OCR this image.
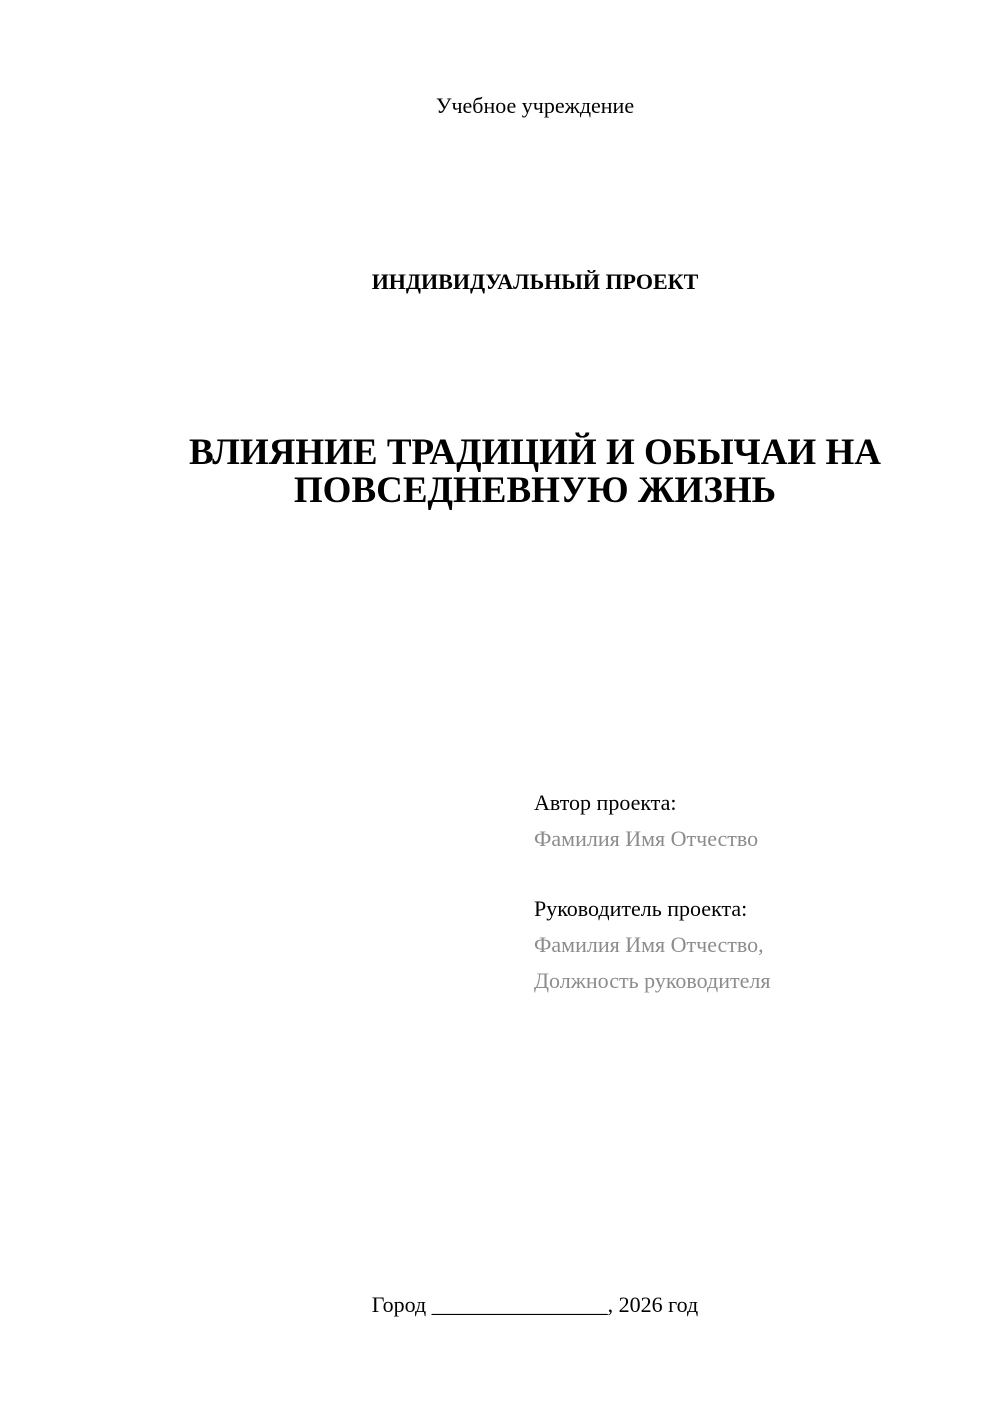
Учебное учреждение
ИНДИВИДУАЛЬНЫЙ ПРОЕКТ
ВЛИЯНИЕ ТРАДИЦИЙ И ОБЫЧАИ НА
ПОВСЕДНЕВНУЮ ЖИЗНЬ
Автор проекта:
Фамилия Имя Отчество
Руководитель проекта:
Фамилия Имя Отчество,
Должность руководителя
Город ________________, 2026 год
